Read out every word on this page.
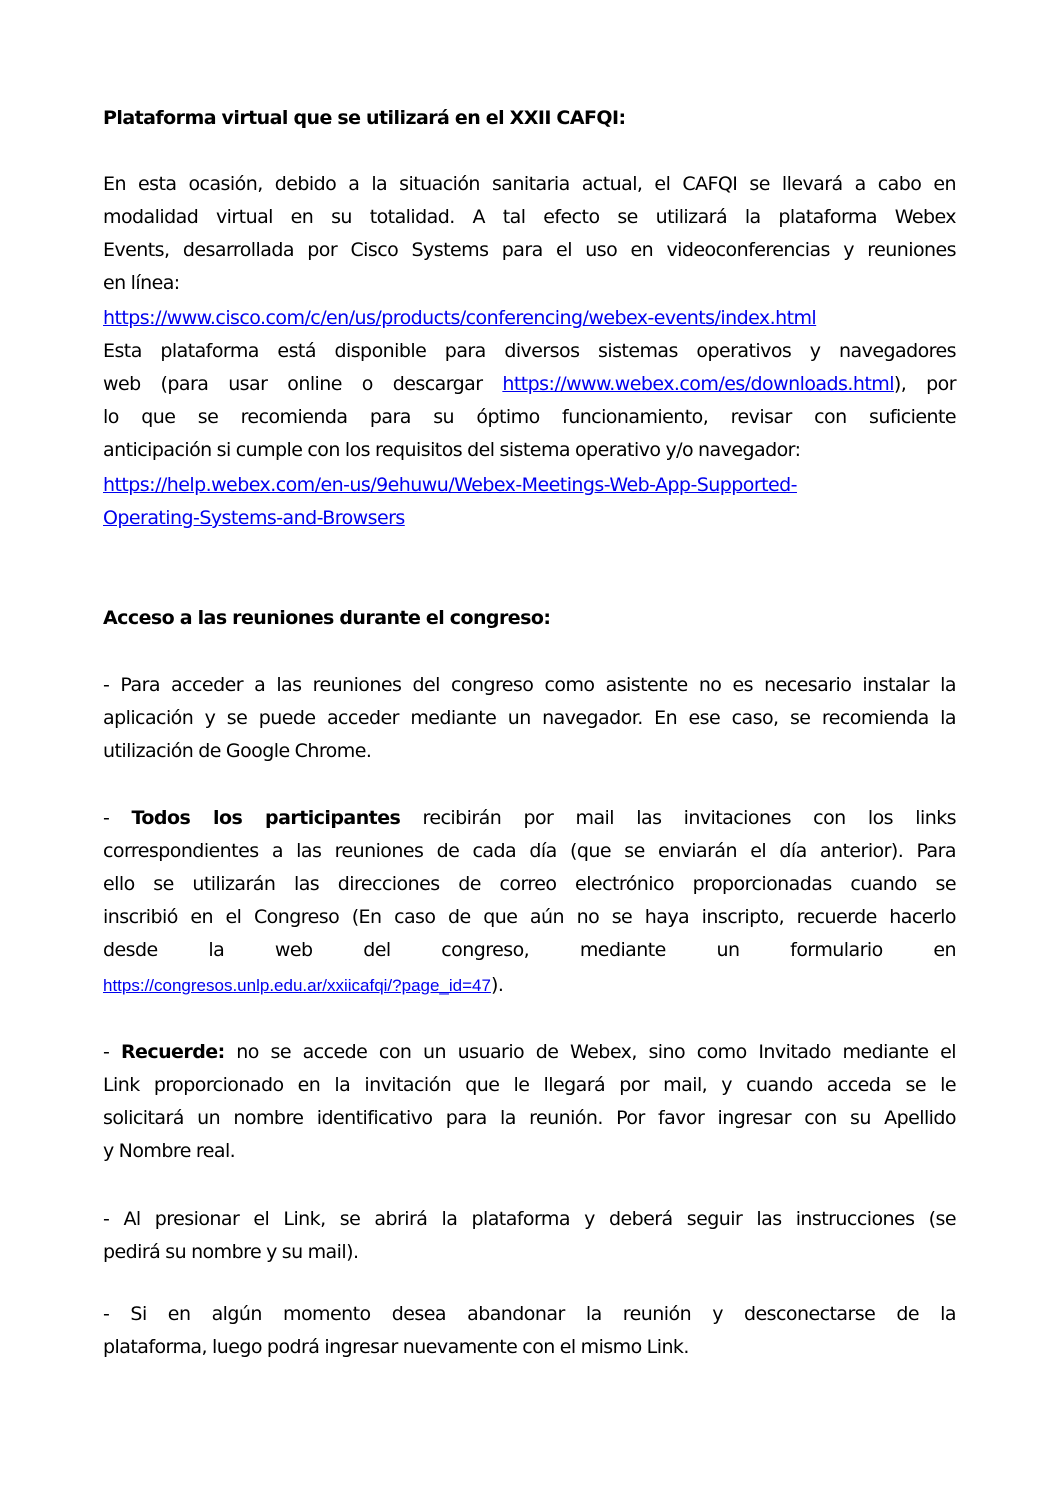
Plataforma virtual que se utilizará en el XXII CAFQI:
En esta ocasión, debido a la situación sanitaria actual, el CAFQI se llevará a cabo en
modalidad virtual en su totalidad. A tal efecto se utilizará la plataforma Webex
Events, desarrollada por Cisco Systems para el uso en videoconferencias y reuniones
en línea:
https://www.cisco.com/c/en/us/products/conferencing/webex-events/index.html
Esta plataforma está disponible para diversos sistemas operativos y navegadores
web (para usar online o descargar https://www.webex.com/es/downloads.html), por
lo que se recomienda para su óptimo funcionamiento, revisar con suficiente
anticipación si cumple con los requisitos del sistema operativo y/o navegador:
https://help.webex.com/en-us/9ehuwu/Webex-Meetings-Web-App-Supported-
Operating-Systems-and-Browsers
Acceso a las reuniones durante el congreso:
- Para acceder a las reuniones del congreso como asistente no es necesario instalar la
aplicación y se puede acceder mediante un navegador. En ese caso, se recomienda la
utilización de Google Chrome.
- Todos los participantes recibirán por mail las invitaciones con los links
correspondientes a las reuniones de cada día (que se enviarán el día anterior). Para
ello se utilizarán las direcciones de correo electrónico proporcionadas cuando se
inscribió en el Congreso (En caso de que aún no se haya inscripto, recuerde hacerlo
desde la web del congreso, mediante un formulario en
https://congresos.unlp.edu.ar/xxiicafqi/?page_id=47).
- Recuerde: no se accede con un usuario de Webex, sino como Invitado mediante el
Link proporcionado en la invitación que le llegará por mail, y cuando acceda se le
solicitará un nombre identificativo para la reunión. Por favor ingresar con su Apellido
y Nombre real.
- Al presionar el Link, se abrirá la plataforma y deberá seguir las instrucciones (se
pedirá su nombre y su mail).
- Si en algún momento desea abandonar la reunión y desconectarse de la
plataforma, luego podrá ingresar nuevamente con el mismo Link.
